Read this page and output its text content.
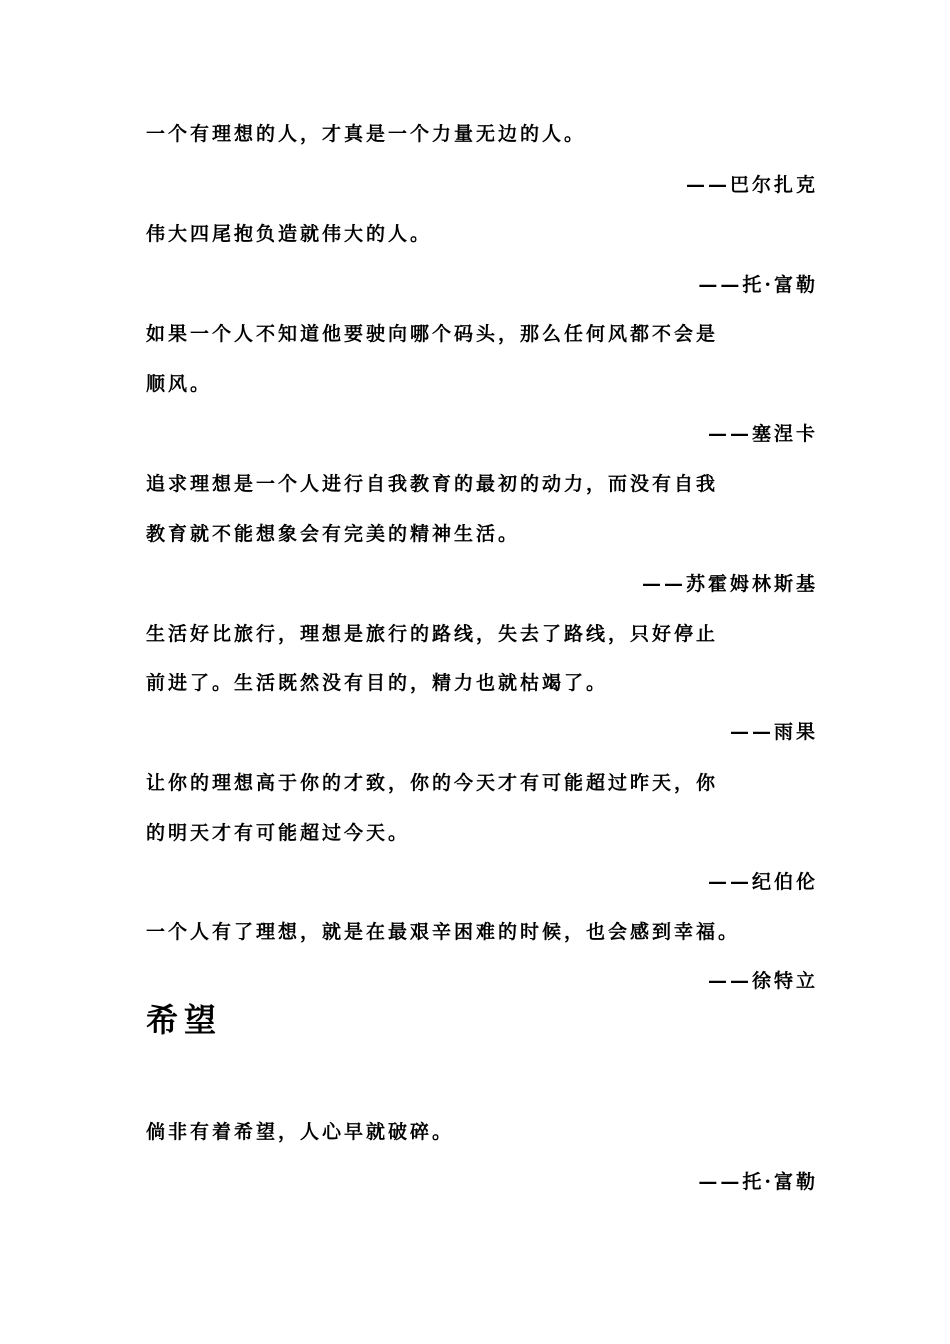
一个有理想的人，才真是一个力量无边的人。
——巴尔扎克
伟大四尾抱负造就伟大的人。
——托·富勒
如果一个人不知道他要驶向哪个码头，那么任何风都不会是
顺风。
——塞涅卡
追求理想是一个人进行自我教育的最初的动力，而没有自我
教育就不能想象会有完美的精神生活。
——苏霍姆林斯基
生活好比旅行，理想是旅行的路线，失去了路线，只好停止
前进了。生活既然没有目的，精力也就枯竭了。
——雨果
让你的理想高于你的才致，你的今天才有可能超过昨天，你
的明天才有可能超过今天。
——纪伯伦
一个人有了理想，就是在最艰辛困难的时候，也会感到幸福。
——徐特立
希望
倘非有着希望，人心早就破碎。
——托·富勒
